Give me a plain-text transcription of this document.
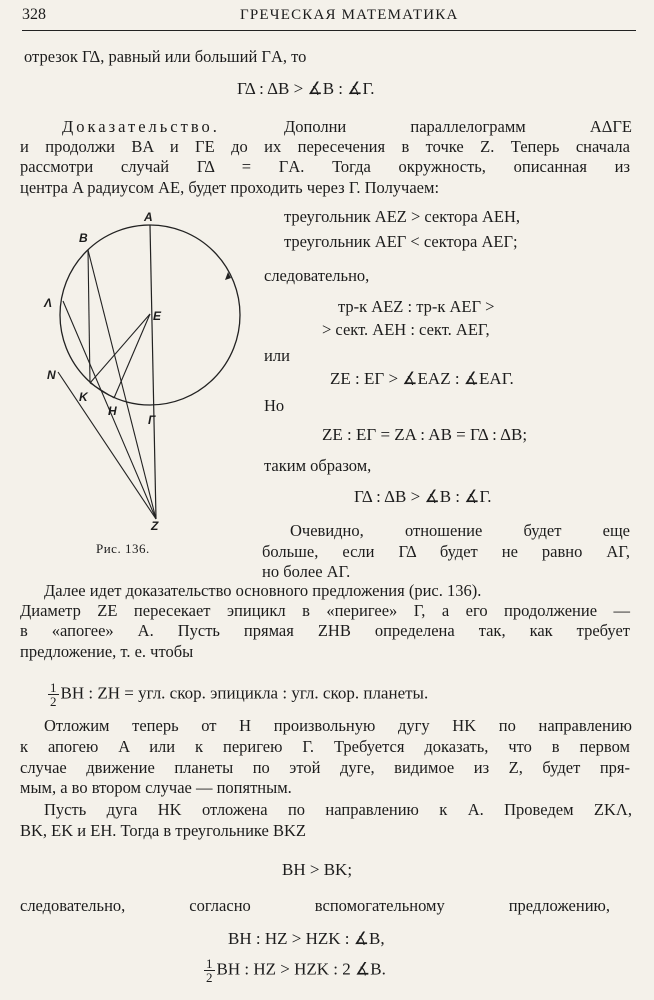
328	ГРЕЧЕСКАЯ МАТЕМАТИКА
отрезок ΓΔ, равный или больший ΓA, то
ΓΔ : ΔB > ∡B : ∡Γ.
Доказательство.	Дополни параллелограмм AΔΓE
и продолжи BA и ΓE до их пересечения в точке Z. Теперь сначала
рассмотри случай ΓΔ = ΓA. Тогда окружность, описанная из
центра A радиусом AE, будет проходить через Γ. Получаем:
A
B
Λ
N
K
H
E
Γ
Z
Рис. 136.
треугольник AEZ > сектора AEH,
треугольник AEΓ < сектора AEΓ;
следовательно,
тр-к AEZ : тр-к AEΓ >
> сект. AEH : сект. AEΓ,
или
ZE : EΓ > ∡EAZ : ∡EAΓ.
Но
ZE : EΓ = ZA : AB = ΓΔ : ΔB;
таким образом,
ΓΔ : ΔB > ∡B : ∡Γ.
Очевидно, отношение будет еще
больше, если ΓΔ будет не равно AΓ,
но более AΓ.
Далее идет доказательство основного предложения (рис. 136).
Диаметр ZE пересекает эпицикл в «перигее» Γ, а его продолжение —
в «апогее» A. Пусть прямая ZHB определена так, как требует
предложение, т. е. чтобы
$\frac{1}{2}$ BH : ZH = угл. скор. эпицикла : угл. скор. планеты.
Отложим теперь от H произвольную дугу HK по направлению
к апогею A или к перигею Γ. Требуется доказать, что в первом
случае движение планеты по этой дуге, видимое из Z, будет пря-
мым, а во втором случае — попятным.
Пусть дуга HK отложена по направлению к A. Проведем ZKΛ,
BK, EK и EH. Тогда в треугольнике BKZ
BH > BK;
следовательно, согласно вспомогательному предложению,
BH : HZ > HZK : ∡B,
$\frac{1}{2}$ BH : HZ > HZK : 2 ∡B.
